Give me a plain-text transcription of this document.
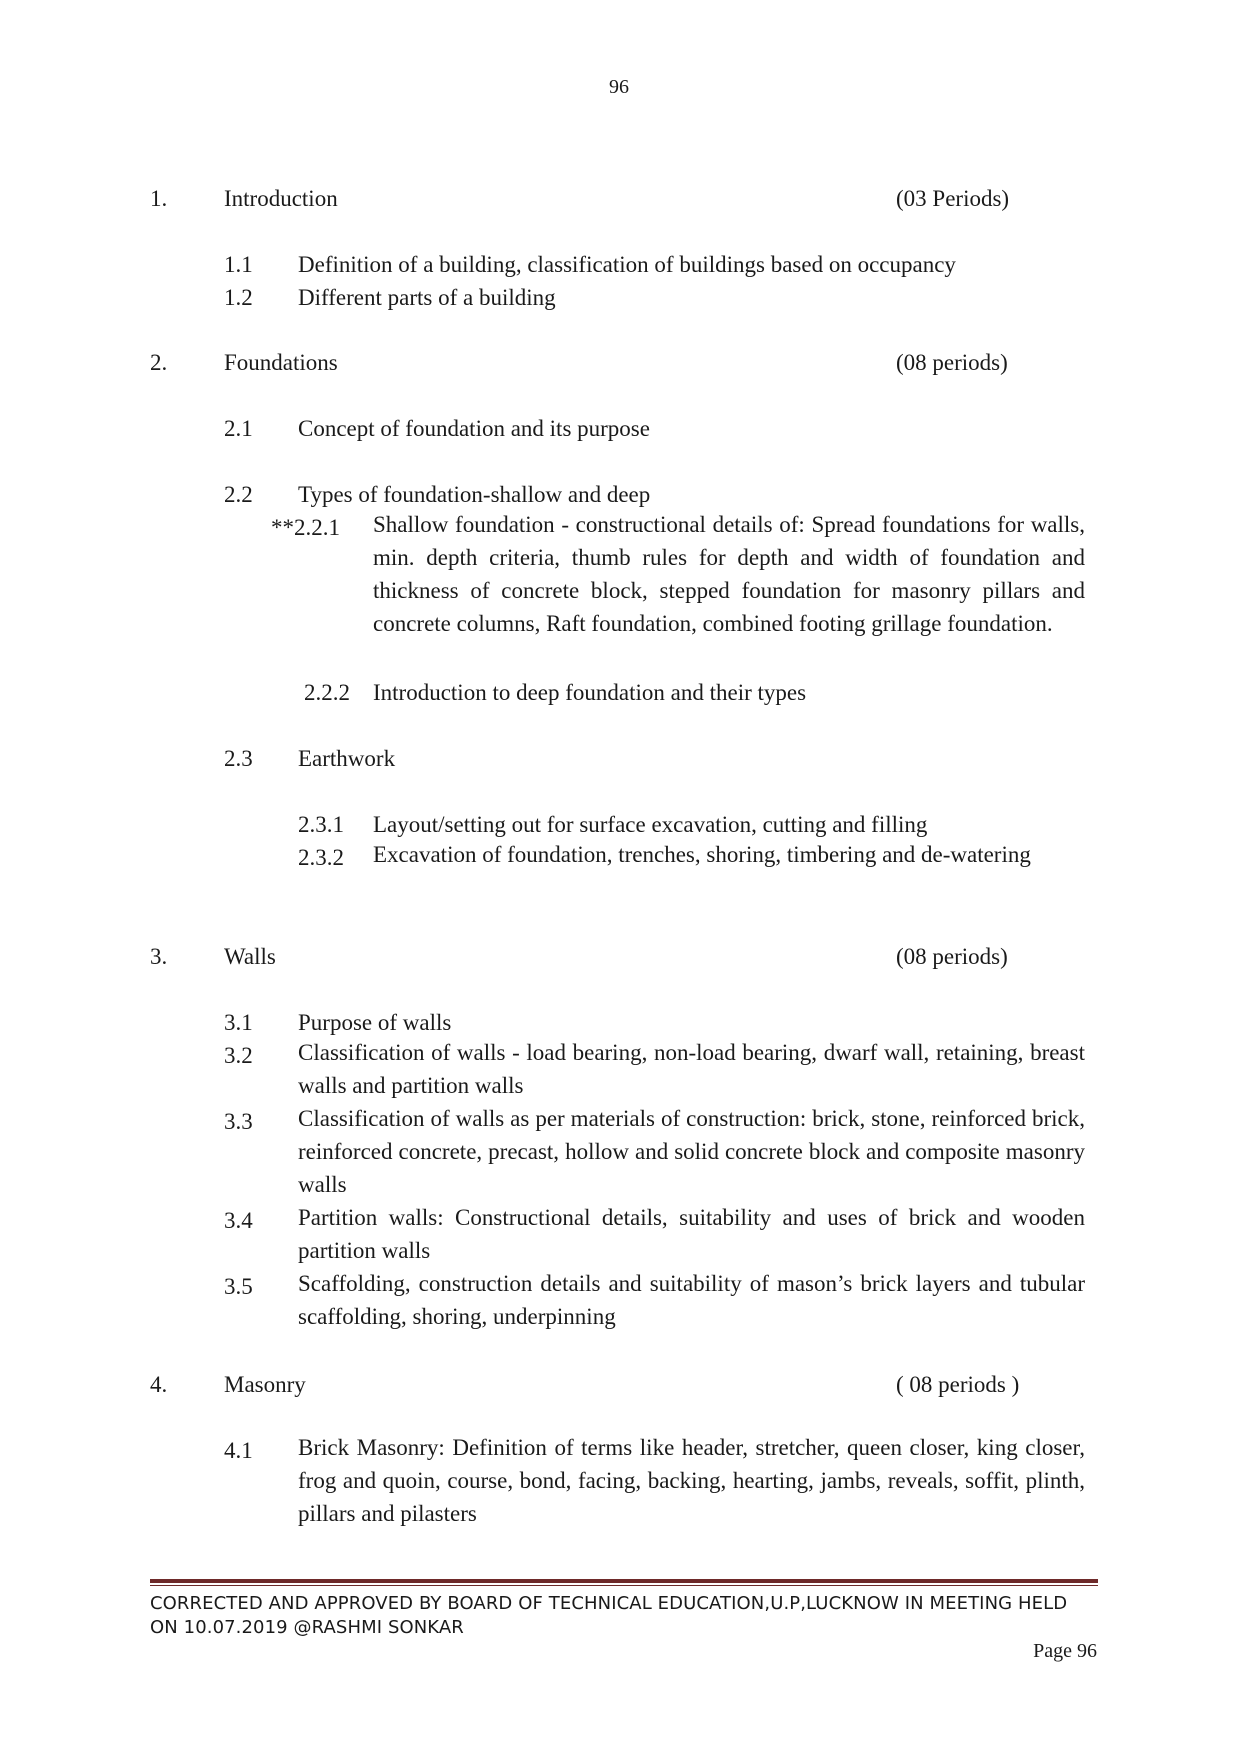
96
1. Introduction	(03 Periods)
1.1 Definition of a building, classification of buildings based on occupancy
1.2 Different parts of a building
2. Foundations	(08 periods)
2.1 Concept of foundation and its purpose
2.2 Types of foundation-shallow and deep
**2.2.1 Shallow foundation - constructional details of: Spread foundations for walls, min. depth criteria, thumb rules for depth and width of foundation and thickness of concrete block, stepped foundation for masonry pillars and concrete columns, Raft foundation, combined footing grillage foundation.
2.2.2 Introduction to deep foundation and their types
2.3 Earthwork
2.3.1 Layout/setting out for surface excavation, cutting and filling
2.3.2 Excavation of foundation, trenches, shoring, timbering and de-watering
3. Walls	(08 periods)
3.1 Purpose of walls
3.2 Classification of walls - load bearing, non-load bearing, dwarf wall, retaining, breast walls and partition walls
3.3 Classification of walls as per materials of construction: brick, stone, reinforced brick, reinforced concrete, precast, hollow and solid concrete block and composite masonry walls
3.4 Partition walls: Constructional details, suitability and uses of brick and wooden partition walls
3.5 Scaffolding, construction details and suitability of mason’s brick layers and tubular scaffolding, shoring, underpinning
4. Masonry	( 08 periods )
4.1 Brick Masonry: Definition of terms like header, stretcher, queen closer, king closer, frog and quoin, course, bond, facing, backing, hearting, jambs, reveals, soffit, plinth, pillars and pilasters
CORRECTED AND APPROVED BY BOARD OF TECHNICAL EDUCATION,U.P,LUCKNOW IN MEETING HELD
ON 10.07.2019 @RASHMI SONKAR
Page 96
